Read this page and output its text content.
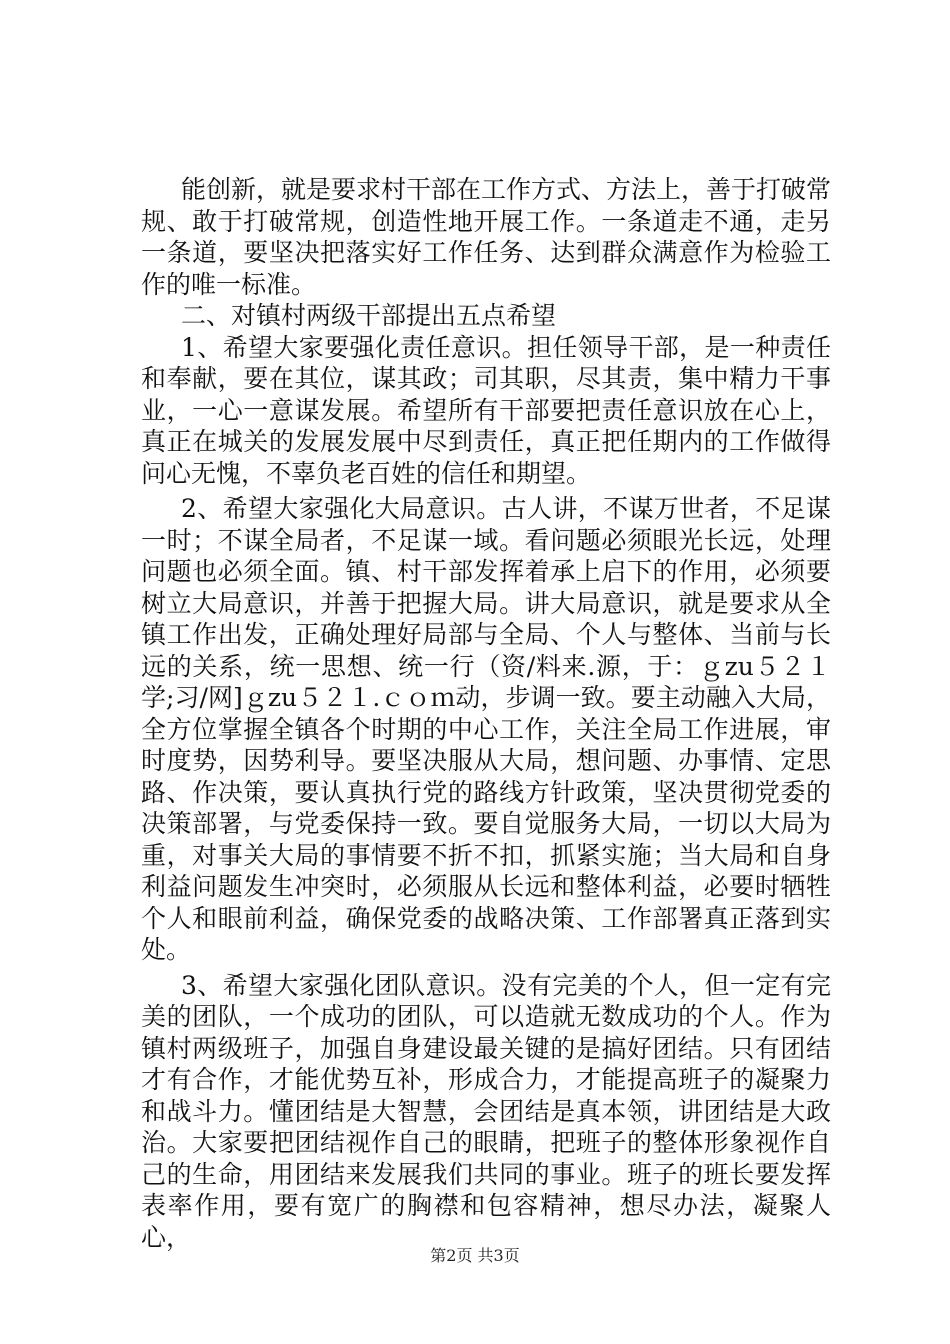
能创新，就是要求村干部在工作方式、方法上，善于打破常规、敢于打破常规，创造性地开展工作。一条道走不通，走另一条道，要坚决把落实好工作任务、达到群众满意作为检验工作的唯一标准。

二、对镇村两级干部提出五点希望

1、希望大家要强化责任意识。担任领导干部，是一种责任和奉献，要在其位，谋其政；司其职，尽其责，集中精力干事业，一心一意谋发展。希望所有干部要把责任意识放在心上，真正在城关的发展发展中尽到责任，真正把任期内的工作做得问心无愧，不辜负老百姓的信任和期望。

2、希望大家强化大局意识。古人讲，不谋万世者，不足谋一时；不谋全局者，不足谋一域。看问题必须眼光长远，处理问题也必须全面。镇、村干部发挥着承上启下的作用，必须要树立大局意识，并善于把握大局。讲大局意识，就是要求从全镇工作出发，正确处理好局部与全局、个人与整体、当前与长远的关系，统一思想、统一行（资/料来.源，于：ｇzu５２１学;习/网]ｇzu５２１.ｃｏｍ动，步调一致。要主动融入大局，全方位掌握全镇各个时期的中心工作，关注全局工作进展，审时度势，因势利导。要坚决服从大局，想问题、办事情、定思路、作决策，要认真执行党的路线方针政策，坚决贯彻党委的决策部署，与党委保持一致。要自觉服务大局，一切以大局为重，对事关大局的事情要不折不扣，抓紧实施；当大局和自身利益问题发生冲突时，必须服从长远和整体利益，必要时牺牲个人和眼前利益，确保党委的战略决策、工作部署真正落到实处。

3、希望大家强化团队意识。没有完美的个人，但一定有完美的团队，一个成功的团队，可以造就无数成功的个人。作为镇村两级班子，加强自身建设最关键的是搞好团结。只有团结才有合作，才能优势互补，形成合力，才能提高班子的凝聚力和战斗力。懂团结是大智慧，会团结是真本领，讲团结是大政治。大家要把团结视作自己的眼睛，把班子的整体形象视作自己的生命，用团结来发展我们共同的事业。班子的班长要发挥表率作用，要有宽广的胸襟和包容精神，想尽办法，凝聚人心，

第2页 共3页
